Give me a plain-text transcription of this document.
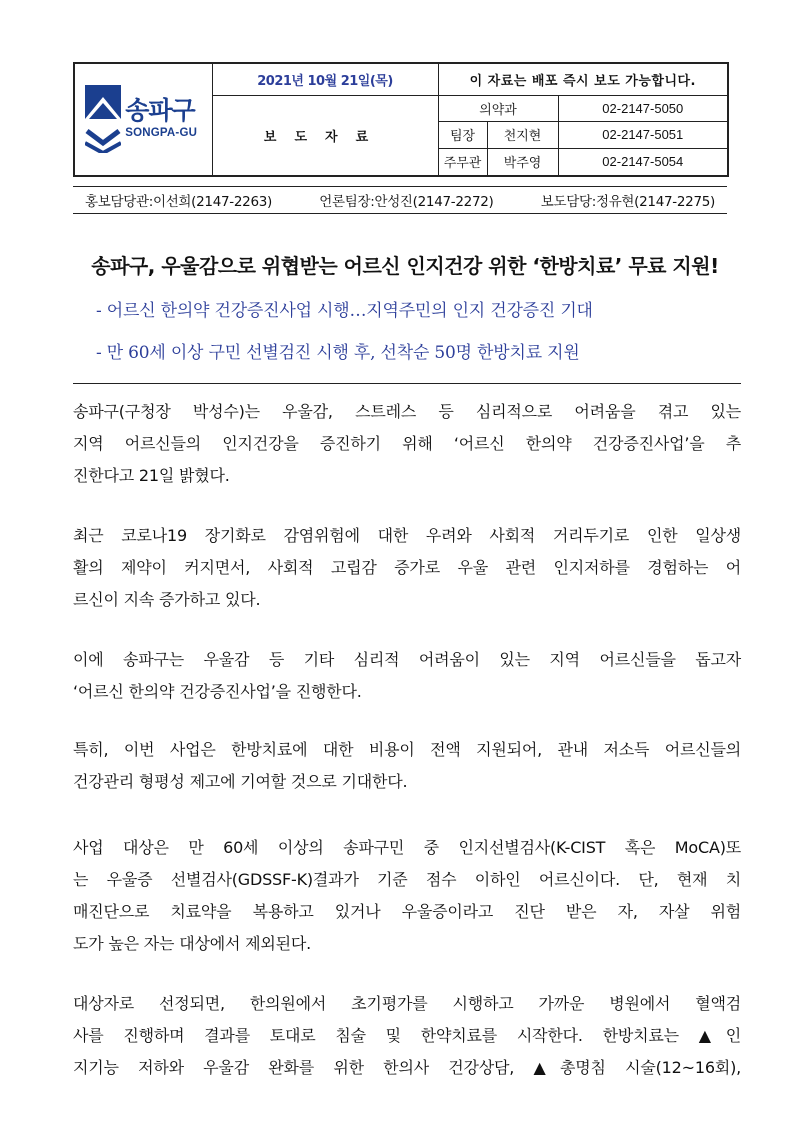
송파구
SONGPA-GU	2021년 10월 21일(목)	이 자료는 배포 즉시 보도 가능합니다.	
	보도자료	의약과	02-2147-5050

팀장 천지현	02-2147-5051

주무관 박주영	02-2147-5054
홍보담당관:이선희(2147-2263)	언론팀장:안성진(2147-2272)	보도담당:정유현(2147-2275)
송파구, 우울감으로 위협받는 어르신 인지건강 위한 ‘한방치료’ 무료 지원!
- 어르신 한의약 건강증진사업 시행…지역주민의 인지 건강증진 기대
- 만 60세 이상 구민 선별검진 시행 후, 선착순 50명 한방치료 지원
송파구(구청장 박성수)는 우울감, 스트레스 등 심리적으로 어려움을 겪고 있는
지역 어르신들의 인지건강을 증진하기 위해 ‘어르신 한의약 건강증진사업’을 추
진한다고 21일 밝혔다.
최근 코로나19 장기화로 감염위험에 대한 우려와 사회적 거리두기로 인한 일상생
활의 제약이 커지면서, 사회적 고립감 증가로 우울 관련 인지저하를 경험하는 어
르신이 지속 증가하고 있다.
이에 송파구는 우울감 등 기타 심리적 어려움이 있는 지역 어르신들을 돕고자
‘어르신 한의약 건강증진사업’을 진행한다.
특히, 이번 사업은 한방치료에 대한 비용이 전액 지원되어, 관내 저소득 어르신들의
건강관리 형평성 제고에 기여할 것으로 기대한다.
사업 대상은 만 60세 이상의 송파구민 중 인지선별검사(K-CIST 혹은 MoCA)또
는 우울증 선별검사(GDSSF-K)결과가 기준 점수 이하인 어르신이다. 단, 현재 치
매진단으로 치료약을 복용하고 있거나 우울증이라고 진단 받은 자, 자살 위험
도가 높은 자는 대상에서 제외된다.
대상자로 선정되면, 한의원에서 초기평가를 시행하고 가까운 병원에서 혈액검
사를 진행하며 결과를 토대로 침술 및 한약치료를 시작한다. 한방치료는 ▲인
지기능 저하와 우울감 완화를 위한 한의사 건강상담, ▲총명침 시술(12~16회),
